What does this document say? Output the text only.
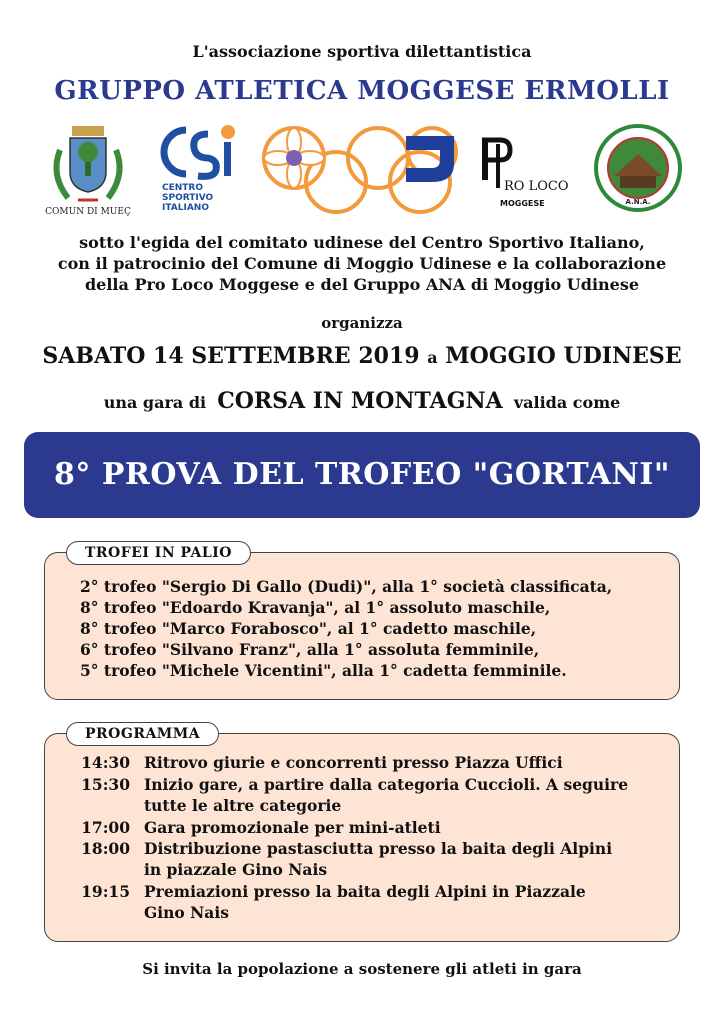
L'associazione sportiva dilettantistica
GRUPPO ATLETICA MOGGESE ERMOLLI
COMUN DI MUEÇ
CENTRO
SPORTIVO
ITALIANO
RO LOCO
MOGGESE	A.N.A.
sotto l'egida del comitato udinese del Centro Sportivo Italiano,
con il patrocinio del Comune di Moggio Udinese e la collaborazione
della Pro Loco Moggese e del Gruppo ANA di Moggio Udinese
organizza
SABATO 14 SETTEMBRE 2019 a MOGGIO UDINESE
una gara di CORSA IN MONTAGNA valida come
8° PROVA DEL TROFEO "GORTANI"
TROFEI IN PALIO
2° trofeo "Sergio Di Gallo (Dudi)", alla 1° società classificata,
8° trofeo "Edoardo Kravanja", al 1° assoluto maschile,
8° trofeo "Marco Forabosco", al 1° cadetto maschile,
6° trofeo "Silvano Franz", alla 1° assoluta femminile,
5° trofeo "Michele Vicentini", alla 1° cadetta femminile.
PROGRAMMA
14:30 Ritrovo giurie e concorrenti presso Piazza Uffici
15:30 Inizio gare, a partire dalla categoria Cuccioli. A seguire
tutte le altre categorie
17:00 Gara promozionale per mini-atleti
18:00 Distribuzione pastasciutta presso la baita degli Alpini
in piazzale Gino Nais
19:15 Premiazioni presso la baita degli Alpini in Piazzale
Gino Nais
Si invita la popolazione a sostenere gli atleti in gara
